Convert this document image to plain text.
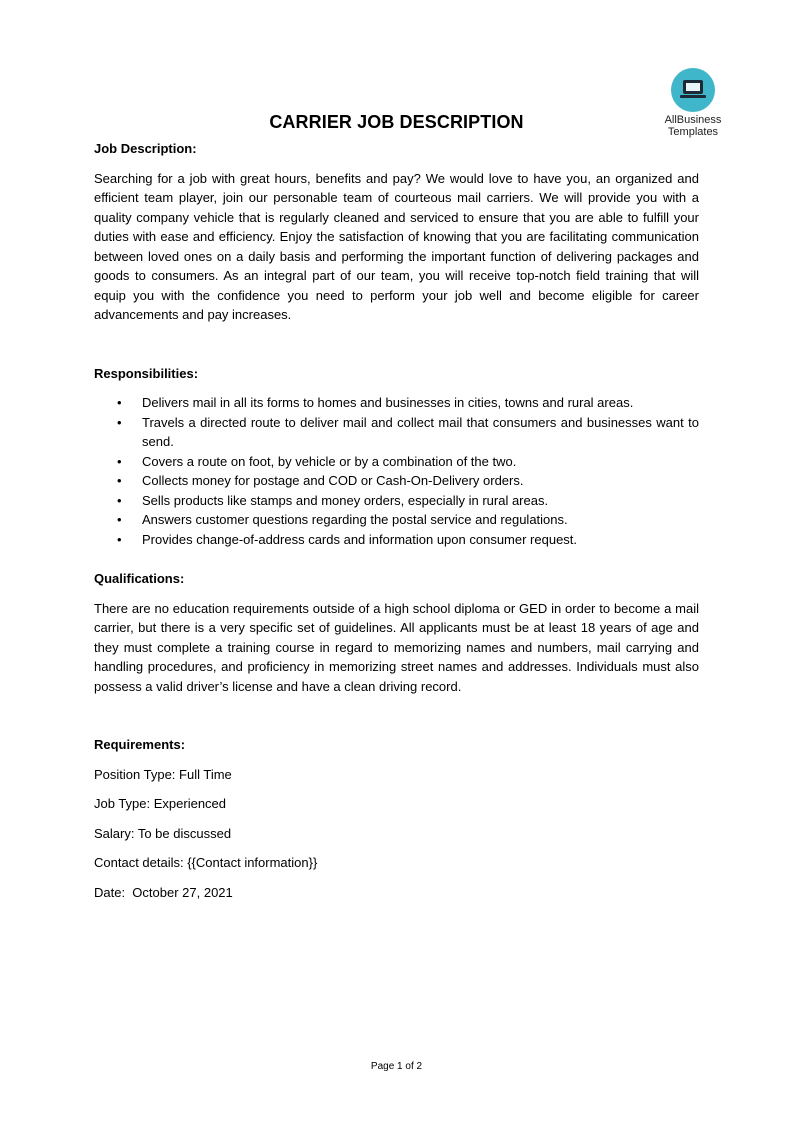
AllBusiness
Templates
CARRIER JOB DESCRIPTION

Job Description:

Searching for a job with great hours, benefits and pay? We would love to have you, an organized and efficient team player, join our personable team of courteous mail carriers. We will provide you with a quality company vehicle that is regularly cleaned and serviced to ensure that you are able to fulfill your duties with ease and efficiency. Enjoy the satisfaction of knowing that you are facilitating communication between loved ones on a daily basis and performing the important function of delivering packages and goods to consumers. As an integral part of our team, you will receive top-notch field training that will equip you with the confidence you need to perform your job well and become eligible for career advancements and pay increases.

Responsibilities:

• Delivers mail in all its forms to homes and businesses in cities, towns and rural areas.
• Travels a directed route to deliver mail and collect mail that consumers and businesses want to send.
• Covers a route on foot, by vehicle or by a combination of the two.
• Collects money for postage and COD or Cash-On-Delivery orders.
• Sells products like stamps and money orders, especially in rural areas.
• Answers customer questions regarding the postal service and regulations.
• Provides change-of-address cards and information upon consumer request.

Qualifications:

There are no education requirements outside of a high school diploma or GED in order to become a mail carrier, but there is a very specific set of guidelines. All applicants must be at least 18 years of age and they must complete a training course in regard to memorizing names and numbers, mail carrying and handling procedures, and proficiency in memorizing street names and addresses. Individuals must also possess a valid driver’s license and have a clean driving record.

Requirements:

Position Type: Full Time

Job Type: Experienced

Salary: To be discussed

Contact details: {{Contact information}}

Date:  October 27, 2021

Page 1 of 2
